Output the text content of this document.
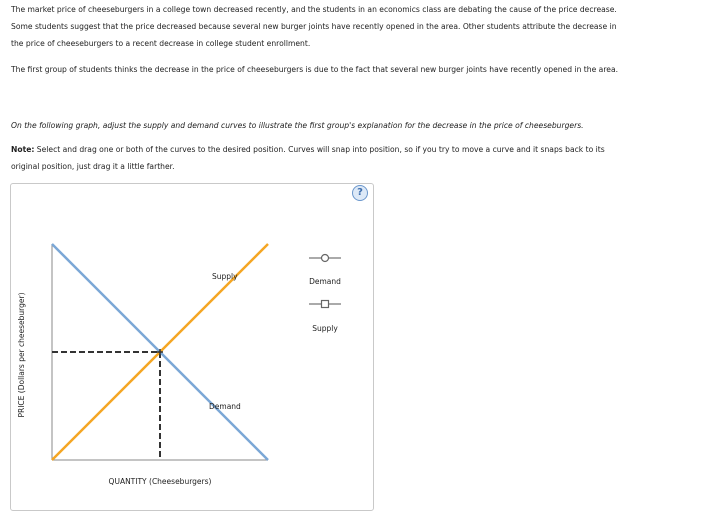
The market price of cheeseburgers in a college town decreased recently, and the students in an economics class are debating the cause of the price decrease. Some students suggest that the price decreased because several new burger joints have recently opened in the area. Other students attribute the decrease in the price of cheeseburgers to a recent decrease in college student enrollment.

The first group of students thinks the decrease in the price of cheeseburgers is due to the fact that several new burger joints have recently opened in the area.

On the following graph, adjust the supply and demand curves to illustrate the first group's explanation for the decrease in the price of cheeseburgers.

Note: Select and drag one or both of the curves to the desired position. Curves will snap into position, so if you try to move a curve and it snaps back to its original position, just drag it a little farther.

?
QUANTITY (Cheeseburgers)
PRICE (Dollars per cheeseburger)
Supply
Demand
Demand
Supply
